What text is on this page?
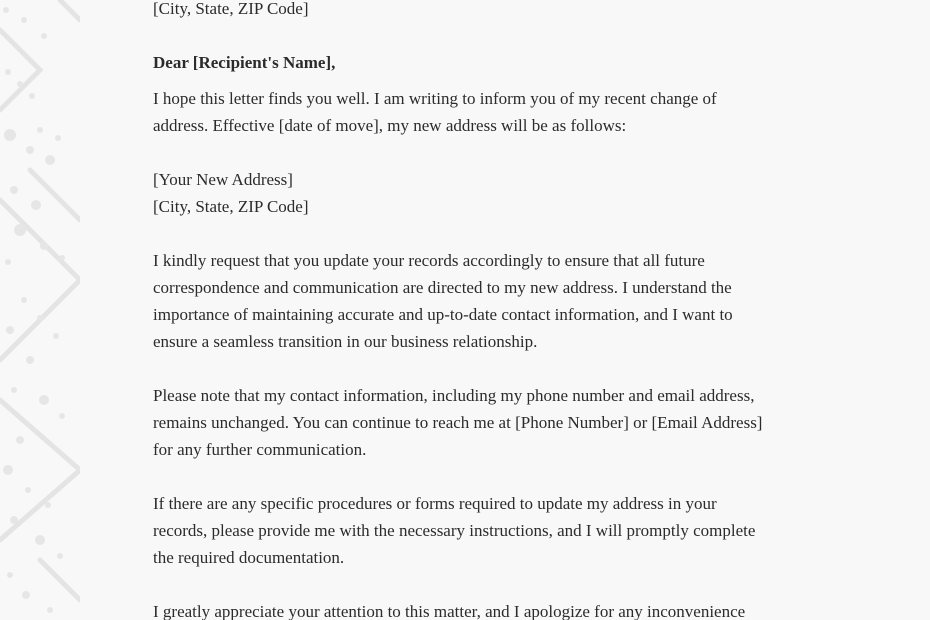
[City, State, ZIP Code]
Dear [Recipient's Name],
I hope this letter finds you well. I am writing to inform you of my recent change of
address. Effective [date of move], my new address will be as follows:
[Your New Address]
[City, State, ZIP Code]
I kindly request that you update your records accordingly to ensure that all future
correspondence and communication are directed to my new address. I understand the
importance of maintaining accurate and up-to-date contact information, and I want to
ensure a seamless transition in our business relationship.
Please note that my contact information, including my phone number and email address,
remains unchanged. You can continue to reach me at [Phone Number] or [Email Address]
for any further communication.
If there are any specific procedures or forms required to update my address in your
records, please provide me with the necessary instructions, and I will promptly complete
the required documentation.
I greatly appreciate your attention to this matter, and I apologize for any inconvenience
